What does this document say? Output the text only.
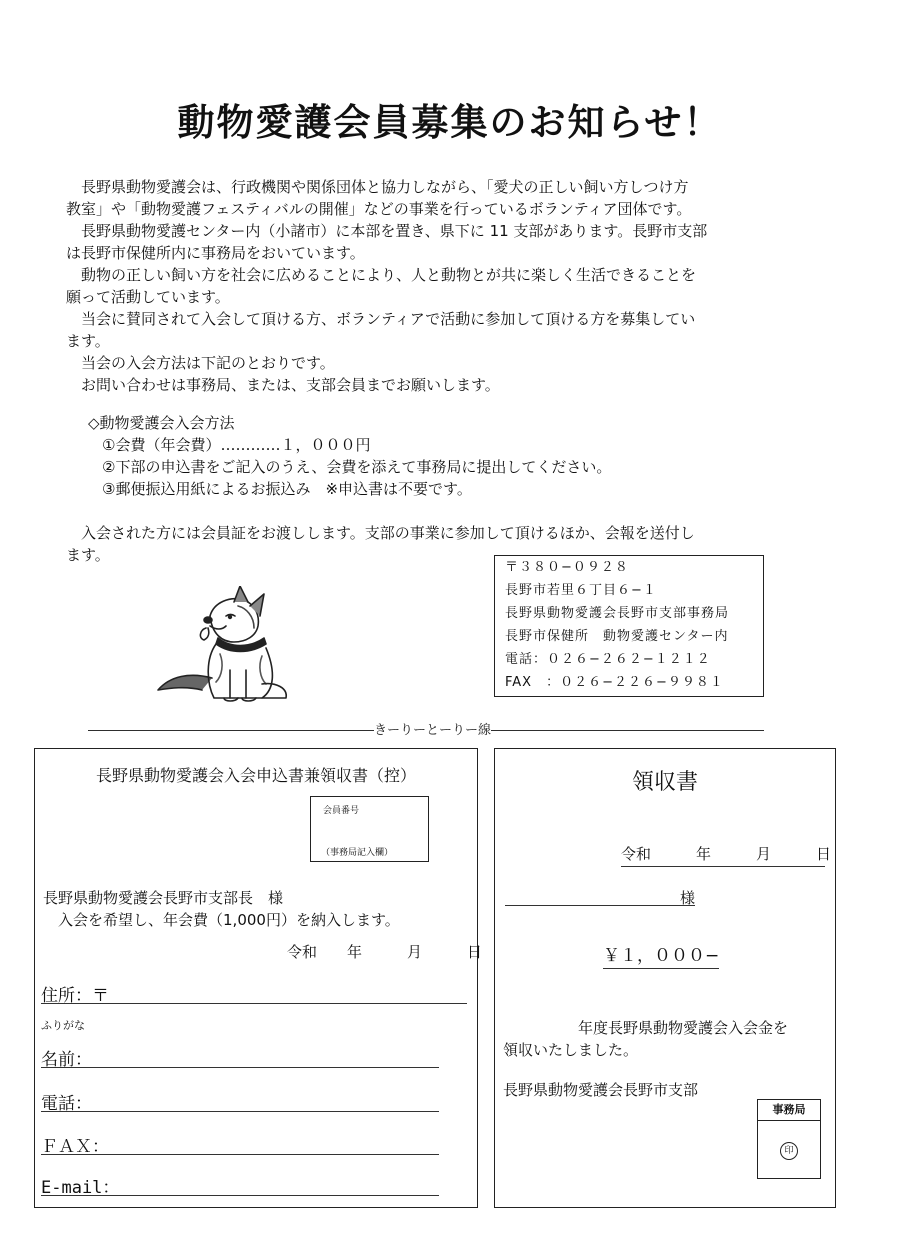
動物愛護会員募集のお知らせ！
　長野県動物愛護会は、行政機関や関係団体と協力しながら、「愛犬の正しい飼い方しつけ方
教室」や「動物愛護フェスティバルの開催」などの事業を行っているボランティア団体です。
　長野県動物愛護センター内（小諸市）に本部を置き、県下に 11 支部があります。長野市支部
は長野市保健所内に事務局をおいています。
　動物の正しい飼い方を社会に広めることにより、人と動物とが共に楽しく生活できることを
願って活動しています。
　当会に賛同されて入会して頂ける方、ボランティアで活動に参加して頂ける方を募集してい
ます。
　当会の入会方法は下記のとおりです。
　お問い合わせは事務局、または、支部会員までお願いします。
◇動物愛護会入会方法
①会費（年会費）…………１，０００円
②下部の申込書をご記入のうえ、会費を添えて事務局に提出してください。
③郵便振込用紙によるお振込み　※申込書は不要です。
　入会された方には会員証をお渡しします。支部の事業に参加して頂けるほか、会報を送付し
ます。
〒３８０−０９２８
長野市若里６丁目６−１
長野県動物愛護会長野市支部事務局
長野市保健所　動物愛護センター内
電話：０２６−２６２−１２１２
FAX　：０２６−２２６−９９８１
――――――――――――――――――――――きーりーとーりー線―――――――――――――――――――――
長野県動物愛護会入会申込書兼領収書（控）
会員番号
（事務局記入欄）
長野県動物愛護会長野市支部長　様
　入会を希望し、年会費（1,000円）を納入します。
令和　　年　　　月　　　日
住所：〒
ふりがな
名前：
電話：
ＦＡＸ：
E-mail：
領収書
令和　　　年　　　月　　　日
様
￥１，０００−
　　　　　年度長野県動物愛護会入会金を
領収いたしました。
長野県動物愛護会長野市支部
事務局
印
